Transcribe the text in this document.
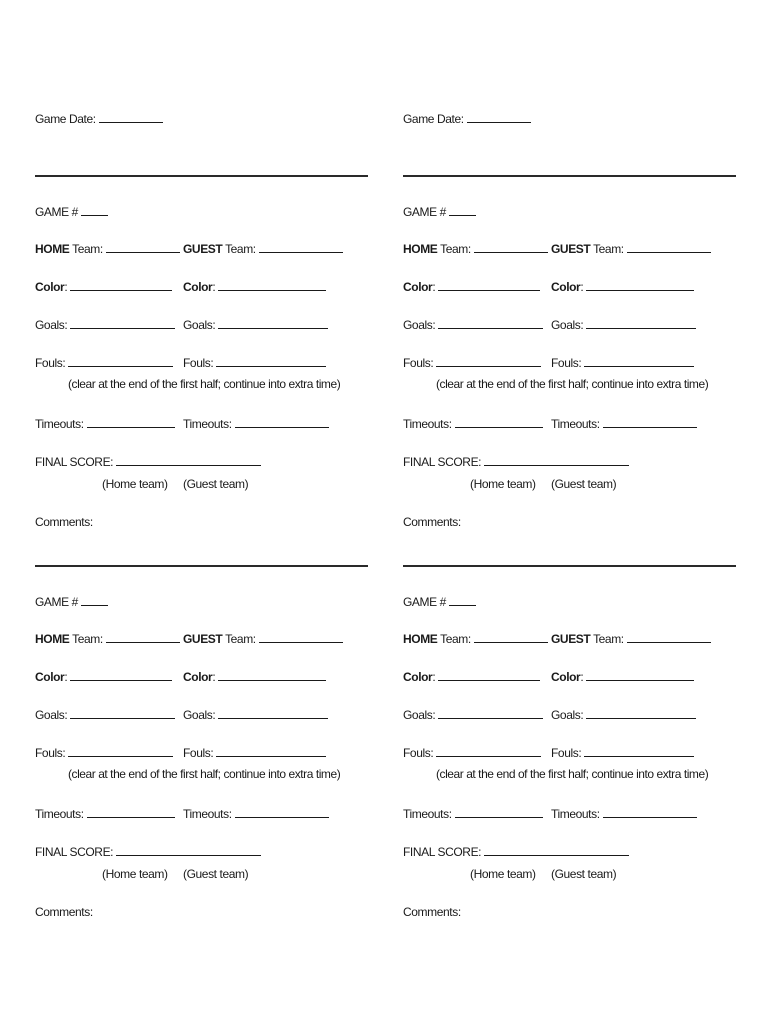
Game Date:
GAME #
HOME Team:	GUEST Team:
Color:	Color:
Goals:	Goals:
Fouls:	Fouls:
(clear at the end of the first half; continue into extra time)
Timeouts:	Timeouts:
FINAL SCORE:
(Home team) (Guest team)
Comments:
GAME #
HOME Team:	GUEST Team:
Color:	Color:
Goals:	Goals:
Fouls:	Fouls:
(clear at the end of the first half; continue into extra time)
Timeouts:	Timeouts:
FINAL SCORE:
(Home team) (Guest team)
Comments:
Game Date:
GAME #
HOME Team:	GUEST Team:
Color:	Color:
Goals:	Goals:
Fouls:	Fouls:
(clear at the end of the first half; continue into extra time)
Timeouts:	Timeouts:
FINAL SCORE:
(Home team) (Guest team)
Comments:
GAME #
HOME Team:	GUEST Team:
Color:	Color:
Goals:	Goals:
Fouls:	Fouls:
(clear at the end of the first half; continue into extra time)
Timeouts:	Timeouts:
FINAL SCORE:
(Home team) (Guest team)
Comments:
